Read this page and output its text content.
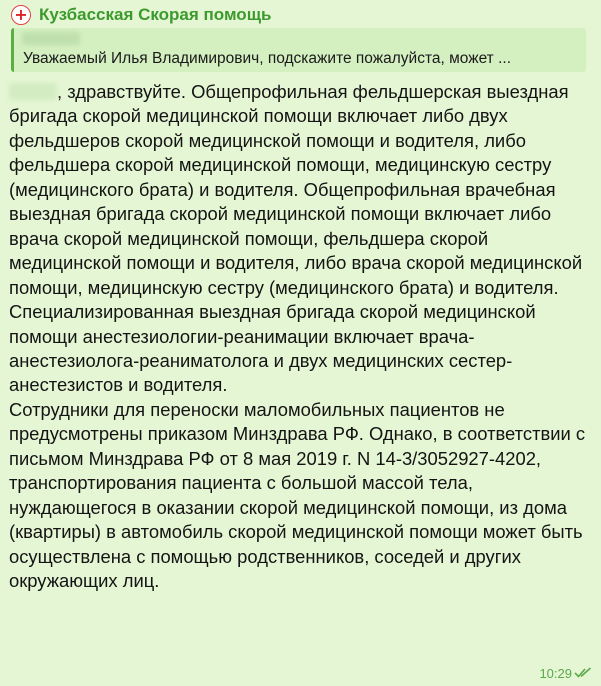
+ Кузбасская Скорая помощь
Уважаемый Илья Владимирович, подскажите пожалуйста, может ...

, здравствуйте. Общепрофильная фельдшерская выездная бригада скорой медицинской помощи включает либо двух фельдшеров скорой медицинской помощи и водителя, либо фельдшера скорой медицинской помощи, медицинскую сестру (медицинского брата) и водителя. Общепрофильная врачебная выездная бригада скорой медицинской помощи включает либо врача скорой медицинской помощи, фельдшера скорой медицинской помощи и водителя, либо врача скорой медицинской помощи, медицинскую сестру (медицинского брата) и водителя. Специализированная выездная бригада скорой медицинской помощи анестезиологии-реанимации включает врача-анестезиолога-реаниматолога и двух медицинских сестер-анестезистов и водителя.

Сотрудники для переноски маломобильных пациентов не предусмотрены приказом Минздрава РФ. Однако, в соответствии с письмом Минздрава РФ от 8 мая 2019 г. N 14-3/3052927-4202, транспортирования пациента с большой массой тела, нуждающегося в оказании скорой медицинской помощи, из дома (квартиры) в автомобиль скорой медицинской помощи может быть осуществлена с помощью родственников, соседей и других окружающих лиц.

10:29
